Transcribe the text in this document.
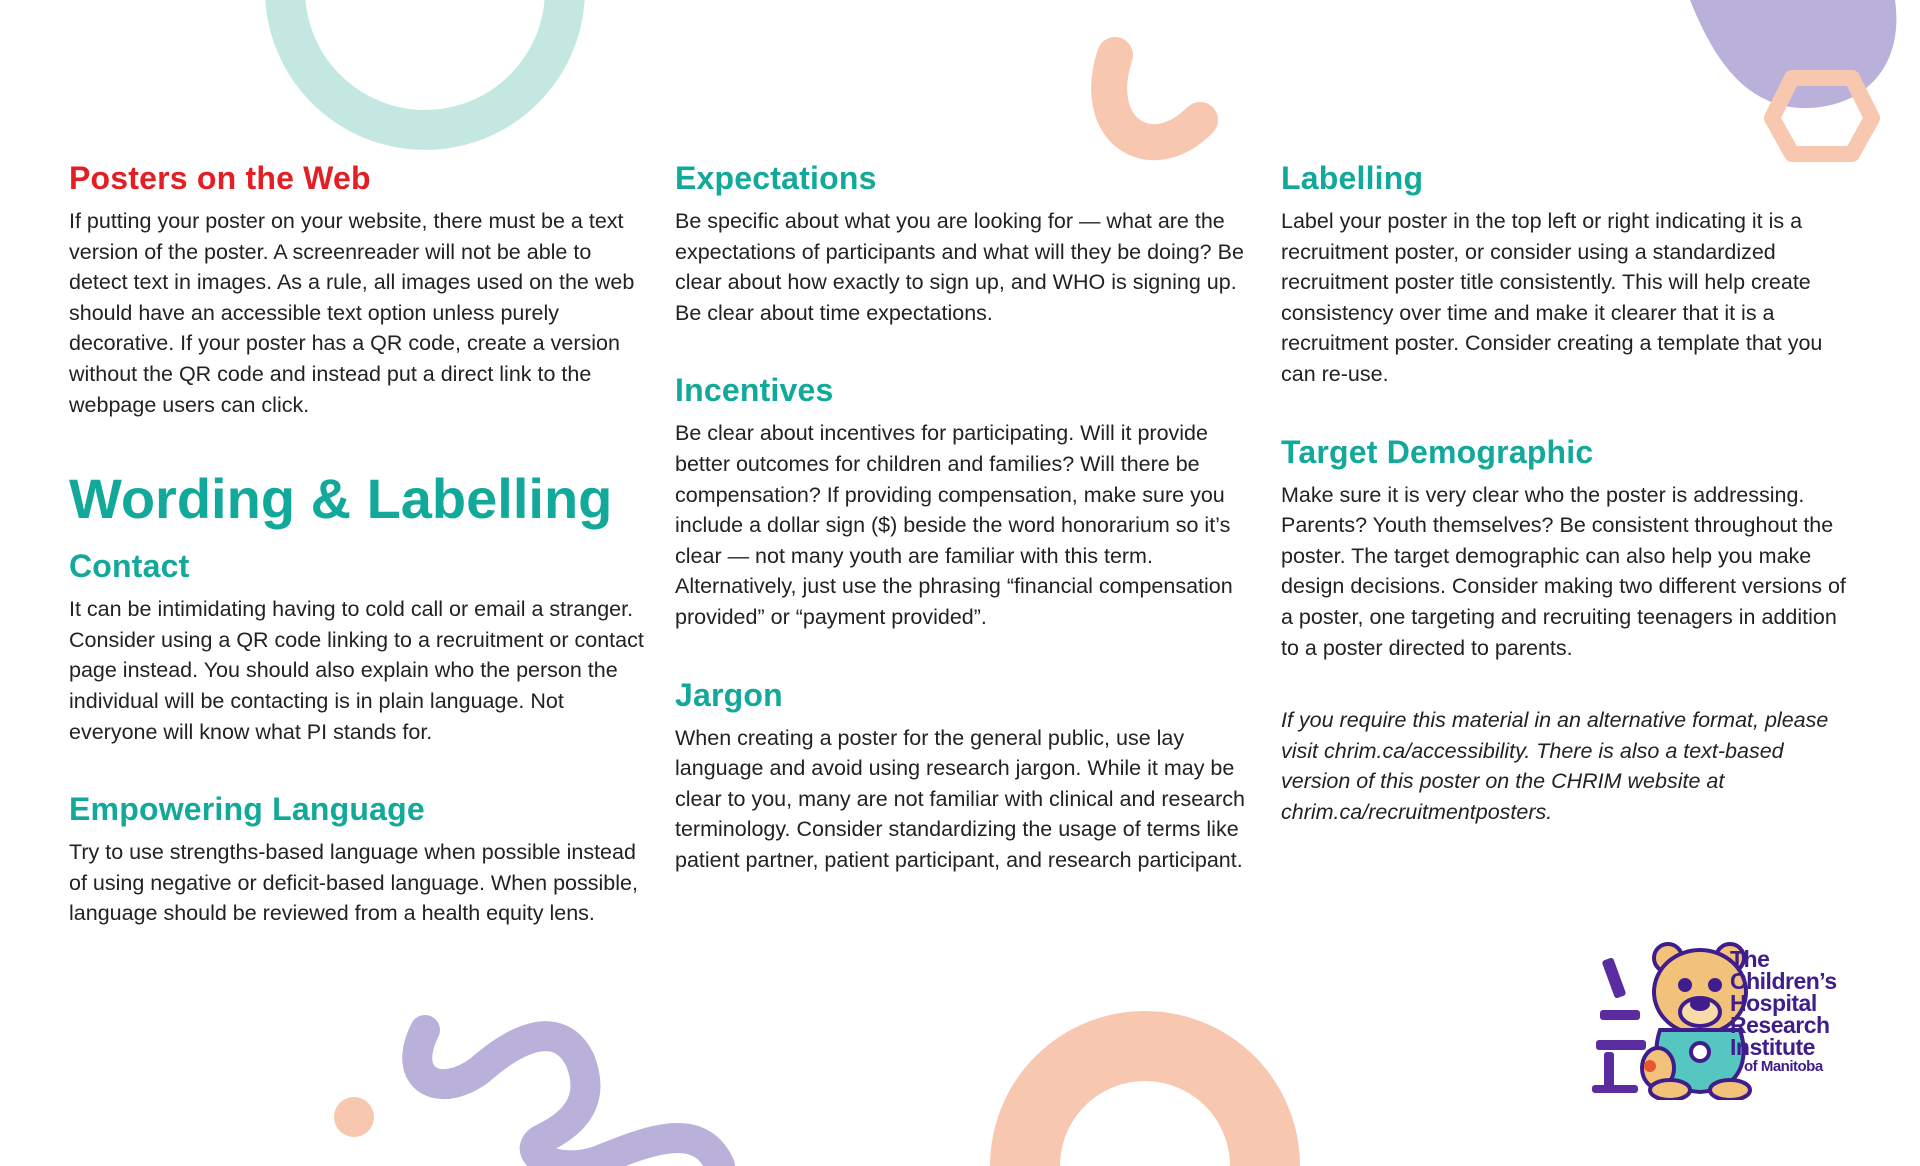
Posters on the Web

If putting your poster on your website, there must be a text version of the poster. A screenreader will not be able to detect text in images. As a rule, all images used on the web should have an accessible text option unless purely decorative. If your poster has a QR code, create a version without the QR code and instead put a direct link to the webpage users can click.

Wording & Labelling
Contact

It can be intimidating having to cold call or email a stranger. Consider using a QR code linking to a recruitment or contact page instead. You should also explain who the person the individual will be contacting is in plain language. Not everyone will know what PI stands for.

Empowering Language

Try to use strengths-based language when possible instead of using negative or deficit-based language. When possible, language should be reviewed from a health equity lens.

Expectations

Be specific about what you are looking for — what are the expectations of participants and what will they be doing? Be clear about how exactly to sign up, and WHO is signing up. Be clear about time expectations.

Incentives

Be clear about incentives for participating. Will it provide better outcomes for children and families? Will there be compensation? If providing compensation, make sure you include a dollar sign ($) beside the word honorarium so it’s clear — not many youth are familiar with this term. Alternatively, just use the phrasing “financial compensation provided” or “payment provided”.

Jargon

When creating a poster for the general public, use lay language and avoid using research jargon. While it may be clear to you, many are not familiar with clinical and research terminology. Consider standardizing the usage of terms like patient partner, patient participant, and research participant.

Labelling

Label your poster in the top left or right indicating it is a recruitment poster, or consider using a standardized recruitment poster title consistently. This will help create consistency over time and make it clearer that it is a recruitment poster. Consider creating a template that you can re-use.

Target Demographic

Make sure it is very clear who the poster is addressing. Parents? Youth themselves? Be consistent throughout the poster. The target demographic can also help you make design decisions. Consider making two different versions of a poster, one targeting and recruiting teenagers in addition to a poster directed to parents.

If you require this material in an alternative format, please visit chrim.ca/accessibility. There is also a text-based version of this poster on the CHRIM website at chrim.ca/recruitmentposters.

The
Children’s
Hospital
Research
Institute
of Manitoba
